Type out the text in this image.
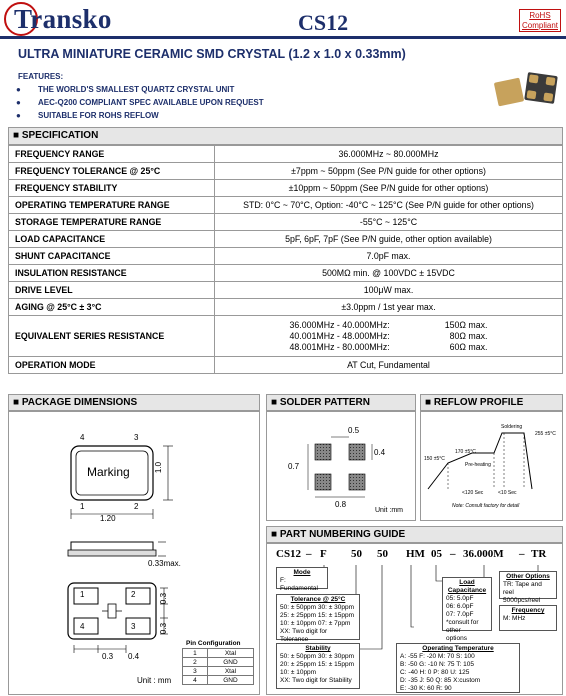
Transko	CS12	RoHS
Compliant
ULTRA MINIATURE CERAMIC SMD CRYSTAL (1.2 x 1.0 x 0.33mm)
FEATURES:
● THE WORLD'S SMALLEST QUARTZ CRYSTAL UNIT
● AEC-Q200 COMPLIANT SPEC AVAILABLE UPON REQUEST
● SUITABLE FOR ROHS REFLOW
■ SPECIFICATION
FREQUENCY RANGE	36.000MHz ~ 80.000MHz
FREQUENCY TOLERANCE @ 25°C	±7ppm ~ 50ppm (See P/N guide for other options)
FREQUENCY STABILITY	±10ppm ~ 50ppm (See P/N guide for other options)
OPERATING TEMPERATURE RANGE	STD: 0°C ~ 70°C, Option: -40°C ~ 125°C (See P/N guide for other options)
STORAGE TEMPERATURE RANGE	-55°C ~ 125°C
LOAD CAPACITANCE	5pF, 6pF, 7pF (See P/N guide, other option available)
SHUNT CAPACITANCE	7.0pF max.
INSULATION RESISTANCE	500MΩ min. @ 100VDC ± 15VDC
DRIVE LEVEL	100μW max.
AGING @ 25°C ± 3°C	±3.0ppm / 1st year max.
EQUIVALENT SERIES RESISTANCE	36.000MHz - 40.000MHz: 150Ω max.
40.001MHz - 48.000MHz: 80Ω max.
48.001MHz - 80.000MHz: 60Ω max.

OPERATION MODE	AT Cut, Fundamental
■ PACKAGE DIMENSIONS
4	3
1	2
Marking
1.20
1.0
0.33max.
1	2
4	3
0.3 0.4
0.3
0.3
Unit : mm
Pin Configuration
1	Xtal
2	GND
3	Xtal
4	GND
■ SOLDER PATTERN
0.5
0.4
0.7
0.8
Unit :mm
■ REFLOW PROFILE
Soldering
255 ±5°C
170 ±5°C
150 ±5°C
Pre-heating
<120 Sec	<10 Sec
Note: Consult factory for detail
■ PART NUMBERING GUIDE
CS12 – F 50 50 HM 05 – 36.000M – TR
Mode
F: Fundamental
Tolerance @ 25°C
50: ± 50ppm 30: ± 30ppm
25: ± 25ppm 15: ± 15ppm
10: ± 10ppm 07: ± 7ppm
XX: Two digit for Tolerance
Stability
50: ± 50ppm 30: ± 30ppm
20: ± 25ppm 15: ± 15ppm
10: ± 10ppm
XX: Two digit for Stability
Load Capacitance
05: 5.0pF
06: 6.0pF
07: 7.0pF
*consult for other
options
Other Options
TR: Tape and reel
5000pcs/reel
Frequency
M: MHz
Operating Temperature
A: -55 F: -20 M: 70 S: 100
B: -50 G: -10 N: 75 T: 105
C: -40 H: 0 P: 80 U: 125
D: -35 J: 50 Q: 85 X:custom
E: -30 K: 60 R: 90
